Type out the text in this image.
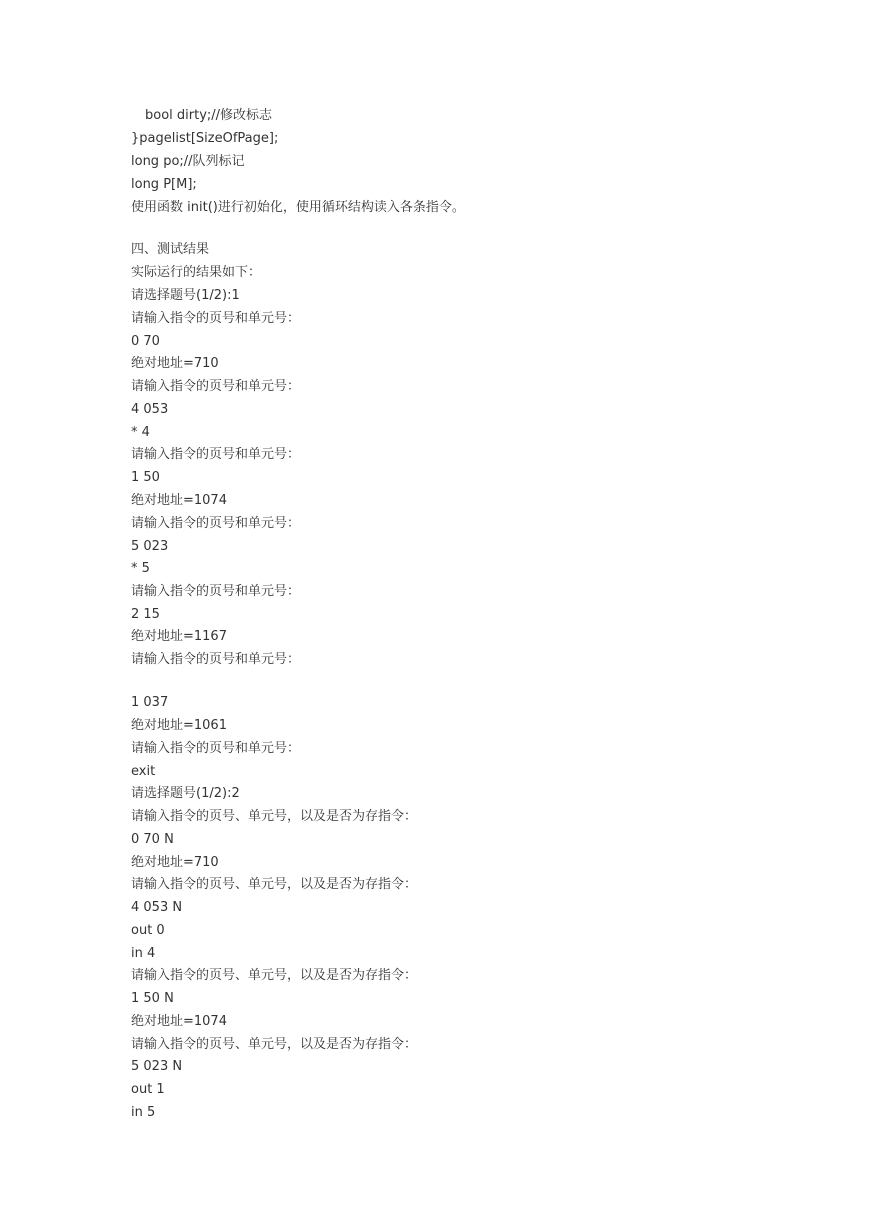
bool dirty;//修改标志
}pagelist[SizeOfPage];
long po;//队列标记
long P[M];
使用函数 init()进行初始化，使用循环结构读入各条指令。
四、测试结果
实际运行的结果如下：
请选择题号(1/2):1
请输入指令的页号和单元号：
0 70
绝对地址=710
请输入指令的页号和单元号：
4 053
* 4
请输入指令的页号和单元号：
1 50
绝对地址=1074
请输入指令的页号和单元号：
5 023
* 5
请输入指令的页号和单元号：
2 15
绝对地址=1167
请输入指令的页号和单元号：
1 037
绝对地址=1061
请输入指令的页号和单元号：
exit
请选择题号(1/2):2
请输入指令的页号、单元号，以及是否为存指令：
0 70 N
绝对地址=710
请输入指令的页号、单元号，以及是否为存指令：
4 053 N
out 0
in 4
请输入指令的页号、单元号，以及是否为存指令：
1 50 N
绝对地址=1074
请输入指令的页号、单元号，以及是否为存指令：
5 023 N
out 1
in 5
